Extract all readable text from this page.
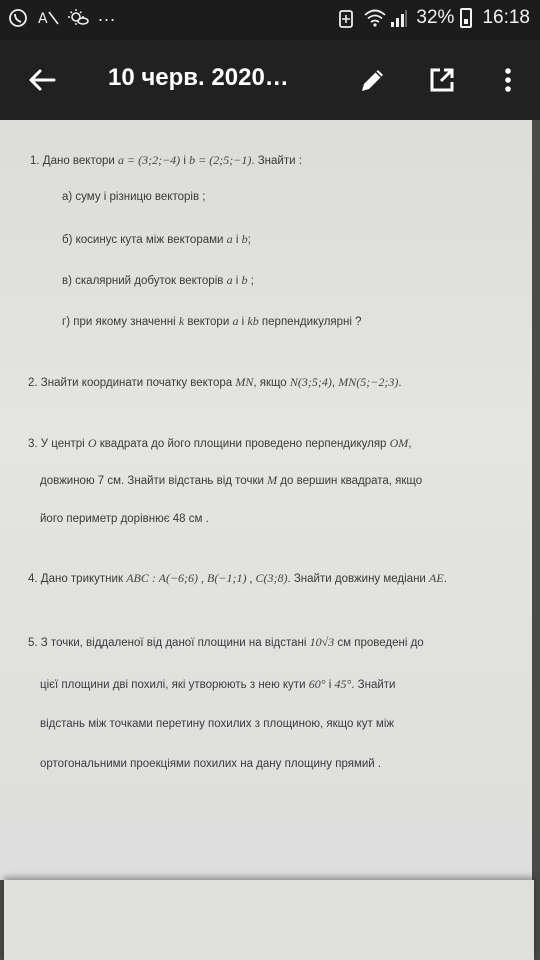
A	...	32% 16:18
10 черв. 2020…
1. Дано вектори a = (3;2;−4) і b = (2;5;−1). Знайти :
а) суму і різницю векторів ;
б) косинус кута між векторами a і b;
в) скалярний добуток векторів a і b ;
г) при якому значенні k вектори a і kb перпендикулярні ?
2. Знайти координати початку вектора MN, якщо N(3;5;4), MN(5;−2;3).
3. У центрі O квадрата до його площини проведено перпендикуляр OM,
довжиною 7 см. Знайти відстань від точки M до вершин квадрата, якщо
його периметр дорівнює 48 см .
4. Дано трикутник ABC : A(−6;6) , B(−1;1) , C(3;8). Знайти довжину медіани AE.
5. З точки, віддаленої від даної площини на відстані 10√3 см проведені до
цієї площини дві похилі, які утворюють з нею кути 60° і 45°. Знайти
відстань між точками перетину похилих з площиною, якщо кут між
ортогональними проекціями похилих на дану площину прямий .
